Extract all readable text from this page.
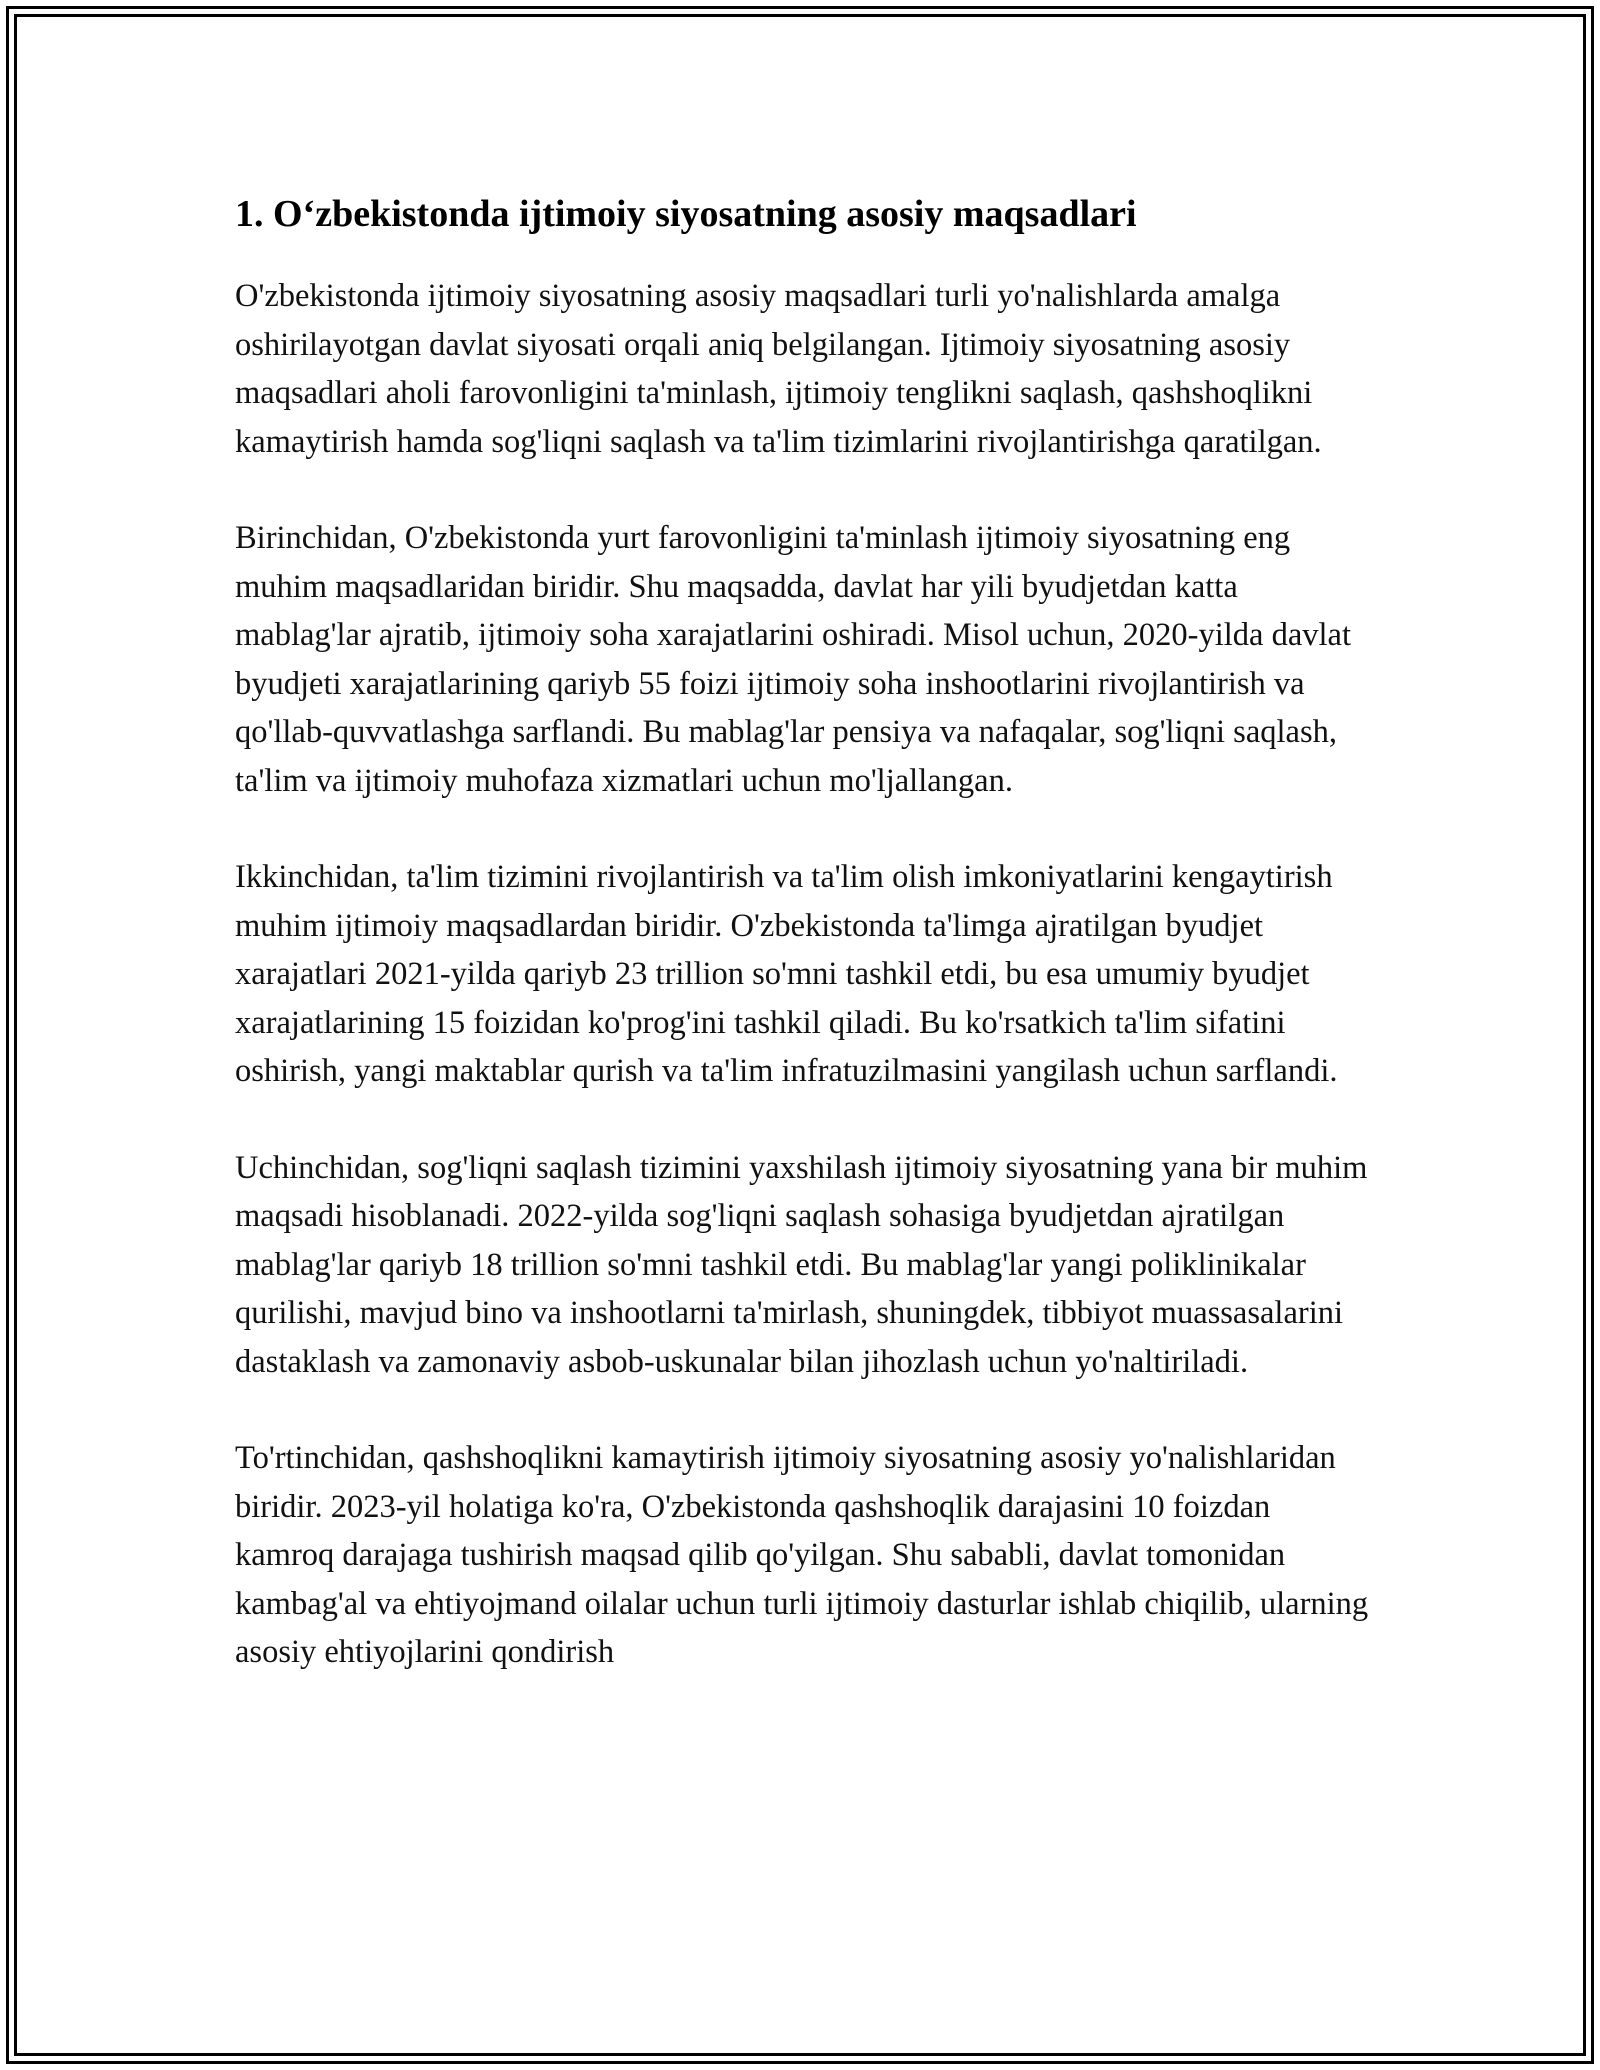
1. O‘zbekistonda ijtimoiy siyosatning asosiy maqsadlari

O'zbekistonda ijtimoiy siyosatning asosiy maqsadlari turli yo'nalishlarda amalga oshirilayotgan davlat siyosati orqali aniq belgilangan. Ijtimoiy siyosatning asosiy maqsadlari aholi farovonligini ta'minlash, ijtimoiy tenglikni saqlash, qashshoqlikni kamaytirish hamda sog'liqni saqlash va ta'lim tizimlarini rivojlantirishga qaratilgan.

Birinchidan, O'zbekistonda yurt farovonligini ta'minlash ijtimoiy siyosatning eng muhim maqsadlaridan biridir. Shu maqsadda, davlat har yili byudjetdan katta mablag'lar ajratib, ijtimoiy soha xarajatlarini oshiradi. Misol uchun, 2020-yilda davlat byudjeti xarajatlarining qariyb 55 foizi ijtimoiy soha inshootlarini rivojlantirish va qo'llab-quvvatlashga sarflandi. Bu mablag'lar pensiya va nafaqalar, sog'liqni saqlash, ta'lim va ijtimoiy muhofaza xizmatlari uchun mo'ljallangan.

Ikkinchidan, ta'lim tizimini rivojlantirish va ta'lim olish imkoniyatlarini kengaytirish muhim ijtimoiy maqsadlardan biridir. O'zbekistonda ta'limga ajratilgan byudjet xarajatlari 2021-yilda qariyb 23 trillion so'mni tashkil etdi, bu esa umumiy byudjet xarajatlarining 15 foizidan ko'prog'ini tashkil qiladi. Bu ko'rsatkich ta'lim sifatini oshirish, yangi maktablar qurish va ta'lim infratuzilmasini yangilash uchun sarflandi.

Uchinchidan, sog'liqni saqlash tizimini yaxshilash ijtimoiy siyosatning yana bir muhim maqsadi hisoblanadi. 2022-yilda sog'liqni saqlash sohasiga byudjetdan ajratilgan mablag'lar qariyb 18 trillion so'mni tashkil etdi. Bu mablag'lar yangi poliklinikalar qurilishi, mavjud bino va inshootlarni ta'mirlash, shuningdek, tibbiyot muassasalarini dastaklash va zamonaviy asbob-uskunalar bilan jihozlash uchun yo'naltiriladi.

To'rtinchidan, qashshoqlikni kamaytirish ijtimoiy siyosatning asosiy yo'nalishlaridan biridir. 2023-yil holatiga ko'ra, O'zbekistonda qashshoqlik darajasini 10 foizdan kamroq darajaga tushirish maqsad qilib qo'yilgan. Shu sababli, davlat tomonidan kambag'al va ehtiyojmand oilalar uchun turli ijtimoiy dasturlar ishlab chiqilib, ularning asosiy ehtiyojlarini qondirish
